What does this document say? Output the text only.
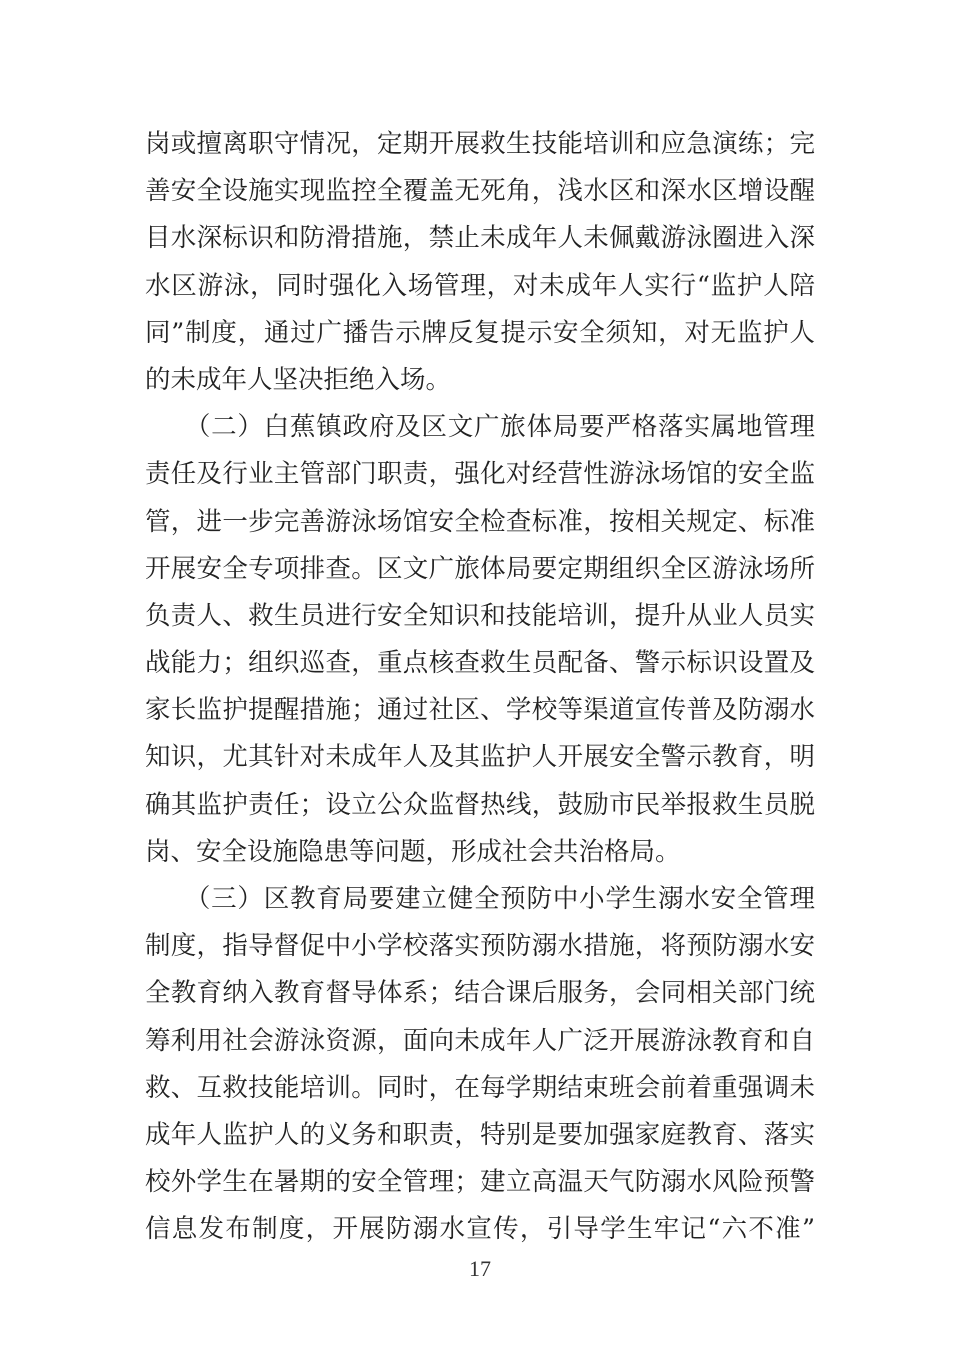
岗或擅离职守情况，定期开展救生技能培训和应急演练；完
善安全设施实现监控全覆盖无死角，浅水区和深水区增设醒
目水深标识和防滑措施，禁止未成年人未佩戴游泳圈进入深
水区游泳，同时强化入场管理，对未成年人实行“监护人陪
同”制度，通过广播告示牌反复提示安全须知，对无监护人
的未成年人坚决拒绝入场。
　　（二）白蕉镇政府及区文广旅体局要严格落实属地管理
责任及行业主管部门职责，强化对经营性游泳场馆的安全监
管，进一步完善游泳场馆安全检查标准，按相关规定、标准
开展安全专项排查。区文广旅体局要定期组织全区游泳场所
负责人、救生员进行安全知识和技能培训，提升从业人员实
战能力；组织巡查，重点核查救生员配备、警示标识设置及
家长监护提醒措施；通过社区、学校等渠道宣传普及防溺水
知识，尤其针对未成年人及其监护人开展安全警示教育，明
确其监护责任；设立公众监督热线，鼓励市民举报救生员脱
岗、安全设施隐患等问题，形成社会共治格局。
　　（三）区教育局要建立健全预防中小学生溺水安全管理
制度，指导督促中小学校落实预防溺水措施，将预防溺水安
全教育纳入教育督导体系；结合课后服务，会同相关部门统
筹利用社会游泳资源，面向未成年人广泛开展游泳教育和自
救、互救技能培训。同时，在每学期结束班会前着重强调未
成年人监护人的义务和职责，特别是要加强家庭教育、落实
校外学生在暑期的安全管理；建立高温天气防溺水风险预警
信息发布制度，开展防溺水宣传，引导学生牢记“六不准”
17
